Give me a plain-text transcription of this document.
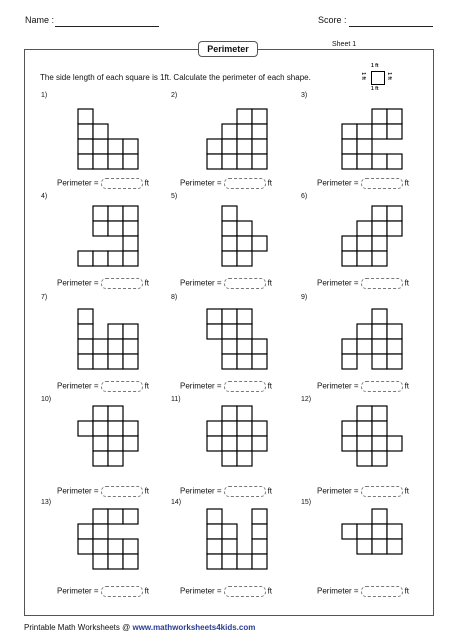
Name :	Score :
Perimeter	Sheet 1
The side length of each square is 1ft. Calculate the perimeter of each shape.
1 ft
1 ft
1 ft	1 ft
1)
Perimeter =	ft
2)
Perimeter =	ft
3)
Perimeter =	ft
4)
Perimeter =	ft
5)
Perimeter =	ft
6)
Perimeter =	ft
7)
Perimeter =	ft
8)
Perimeter =	ft
9)
Perimeter =	ft
10)
Perimeter =	ft
11)
Perimeter =	ft
12)
Perimeter =	ft
13)
Perimeter =	ft
14)
Perimeter =	ft
15)
Perimeter =	ft
Printable Math Worksheets @ www.mathworksheets4kids.com
